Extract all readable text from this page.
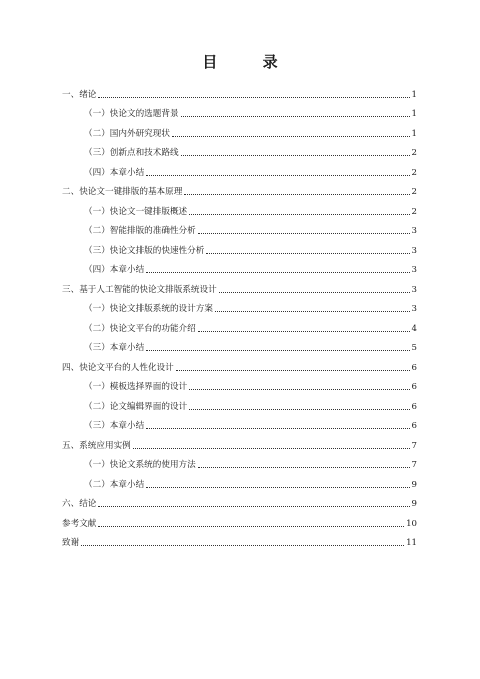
目 录
一、绪论	1
（一）快论文的选题背景	1
（二）国内外研究现状	1
（三）创新点和技术路线	2
（四）本章小结	2
二、快论文一键排版的基本原理	2
（一）快论文一键排版概述	2
（二）智能排版的准确性分析	3
（三）快论文排版的快速性分析	3
（四）本章小结	3
三、基于人工智能的快论文排版系统设计	3
（一）快论文排版系统的设计方案	3
（二）快论文平台的功能介绍	4
（三）本章小结	5
四、快论文平台的人性化设计	6
（一）模板选择界面的设计	6
（二）论文编辑界面的设计	6
（三）本章小结	6
五、系统应用实例	7
（一）快论文系统的使用方法	7
（二）本章小结	9
六、结论	9
参考文献	10
致谢	11
